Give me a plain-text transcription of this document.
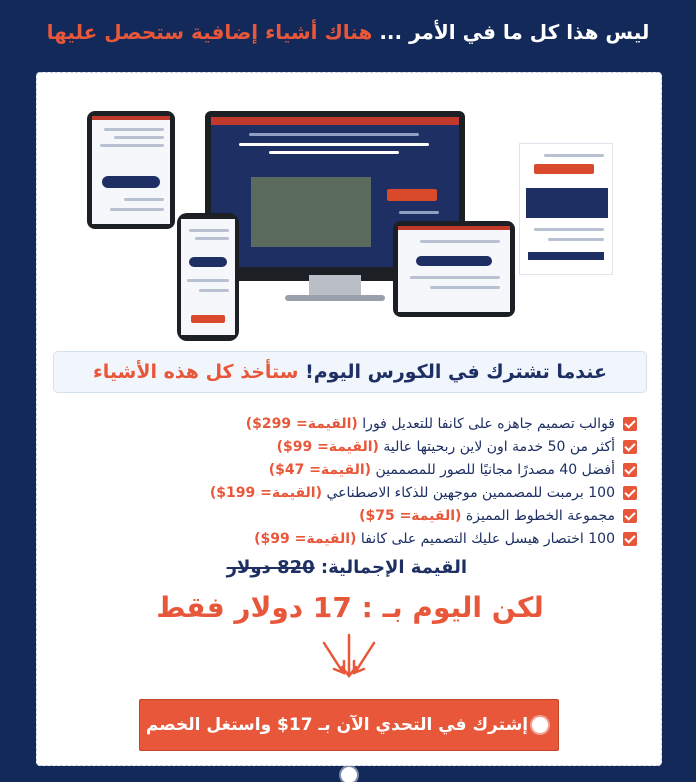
ليس هذا كل ما في الأمر ... هناك أشياء إضافية ستحصل عليها
عندما تشترك في الكورس اليوم! ستأخذ كل هذه الأشياء
قوالب تصميم جاهزه على كانفا للتعديل فورا (القيمة= 299$)
أكثر من 50 خدمة اون لاين ربحيتها عالية (القيمة= 99$)
أفضل 40 مصدرًا مجانيًا للصور للمصممين (القيمة= 47$)
100 برمبت للمصممين موجهين للذكاء الاصطناعي (القيمة= 199$)
مجموعة الخطوط المميزة (القيمة= 75$)
100 اختصار هيسل عليك التصميم على كانفا (القيمة= 99$)
القيمة الإجمالية: 820 دولار
لكن اليوم بـ : 17 دولار فقط
إشترك في التحدي الآن بـ 17$ واستغل الخصم
